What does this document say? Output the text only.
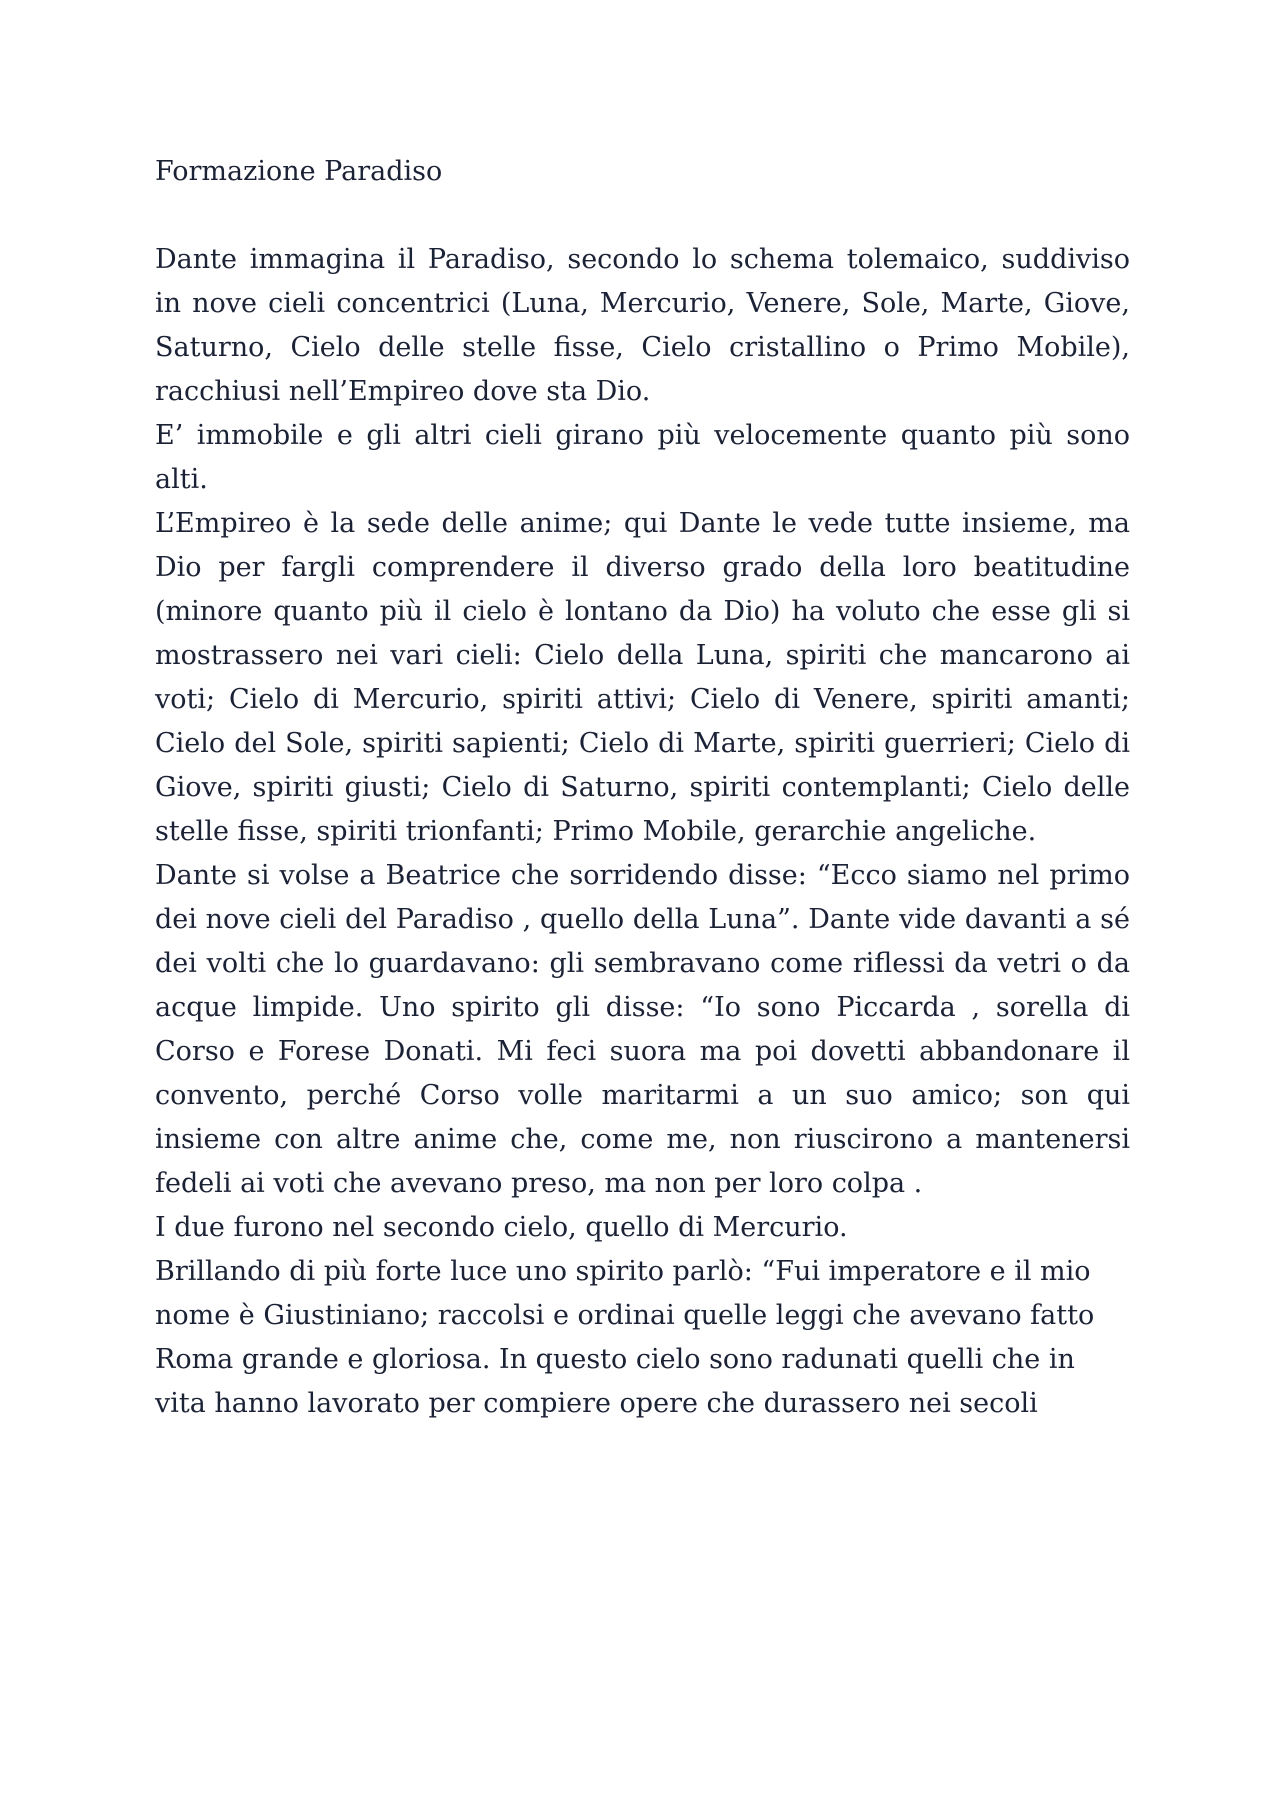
Formazione Paradiso

Dante immagina il Paradiso, secondo lo schema tolemaico, suddiviso in nove cieli concentrici (Luna, Mercurio, Venere, Sole, Marte, Giove, Saturno, Cielo delle stelle fisse, Cielo cristallino o Primo Mobile), racchiusi nell’Empireo dove sta Dio.

E’ immobile e gli altri cieli girano più velocemente quanto più sono alti.

L’Empireo è la sede delle anime; qui Dante le vede tutte insieme, ma Dio per fargli comprendere il diverso grado della loro beatitudine (minore quanto più il cielo è lontano da Dio) ha voluto che esse gli si mostrassero nei vari cieli: Cielo della Luna, spiriti che mancarono ai voti; Cielo di Mercurio, spiriti attivi; Cielo di Venere, spiriti amanti; Cielo del Sole, spiriti sapienti; Cielo di Marte, spiriti guerrieri; Cielo di Giove, spiriti giusti; Cielo di Saturno, spiriti contemplanti; Cielo delle stelle fisse, spiriti trionfanti; Primo Mobile, gerarchie angeliche.

Dante si volse a Beatrice che sorridendo disse: “Ecco siamo nel primo dei nove cieli del Paradiso , quello della Luna”. Dante vide davanti a sé dei volti che lo guardavano: gli sembravano come riflessi da vetri o da acque limpide. Uno spirito gli disse: “Io sono Piccarda , sorella di Corso e Forese Donati. Mi feci suora ma poi dovetti abbandonare il convento, perché Corso volle maritarmi a un suo amico; son qui insieme con altre anime che, come me, non riuscirono a mantenersi fedeli ai voti che avevano preso, ma non per loro colpa .

I due furono nel secondo cielo, quello di Mercurio.

Brillando di più forte luce uno spirito parlò: “Fui imperatore e il mio nome è Giustiniano; raccolsi e ordinai quelle leggi che avevano fatto Roma grande e gloriosa. In questo cielo sono radunati quelli che in vita hanno lavorato per compiere opere che durassero nei secoli
